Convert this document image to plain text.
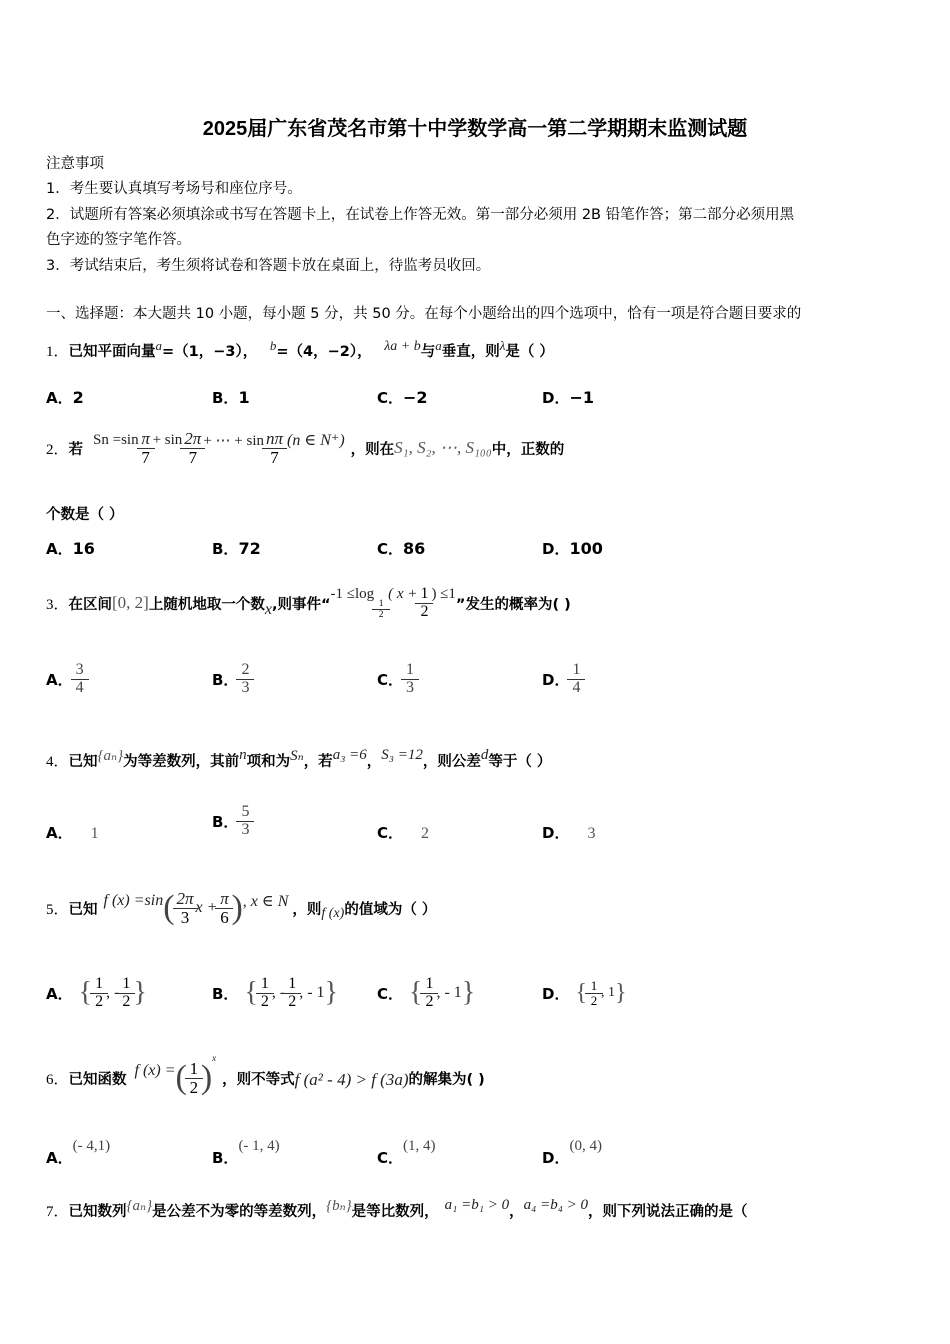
2025届广东省茂名市第十中学数学高一第二学期期末监测试题
注意事项
1．考生要认真填写考场号和座位序号。
2．试题所有答案必须填涂或书写在答题卡上，在试卷上作答无效。第一部分必须用 2B 铅笔作答；第二部分必须用黑
色字迹的签字笔作答。
3．考试结束后，考生须将试卷和答题卡放在桌面上，待监考员收回。
一、选择题：本大题共 10 小题，每小题 5 分，共 50 分。在每个小题给出的四个选项中，恰有一项是符合题目要求的
1．已知平面向量$^a$=（1，−3）， $^b$=（4，−2）， $^{\lambda a + b}$与$^a$垂直，则$^\lambda$是（ ）
A．2	B．1	C．−2	D．−1
2． 若
$Sn =\sin \frac{\pi}{7} + \sin \frac{2\pi}{7}$ + ⋯ + $\sin \frac{n\pi}{7} (n$ ∈ N⁺)
，则在 S₁, S₂, ⋯, S₁₀₀ 中，正数的
个数是（ ）
A．16	B．72	C．86	D．100
3． 在区间 [0, 2] 上随机地取一个数 x ,则事件“
-1 ≤log
$\frac{1}{2}$
( $x + \frac{1}{2}$ ) ≤1
”发生的概率为( )
A． $\frac{3}{4}$	B． $\frac{2}{3}$	C． $\frac{1}{3}$	D． $\frac{1}{4}$
4． 已知 {aₙ} 为等差数列，其前 n 项和为 Sₙ ，若 a₃ =6 ， S₃ =12 ，则公差 d 等于（ ）
A． 1
B． $\frac{5}{3}$	C． 2	D． 3
5． 已知
f (x) =sin ( $\frac{2\pi}{3}$ $x + \frac{\pi}{6}$ ) , x ∈ N ，则 f (x) 的值域为（ ）
A． { $\frac{1}{2}$ , - $\frac{1}{2}$ }	B． { $\frac{1}{2}$ , - $\frac{1}{2}$ , - 1 }	C． { $\frac{1}{2}$ , - 1 }	D． { $\frac{1}{2}$ , 1 }
6． 已知函数
f (x) = ( $\frac{1}{2}$ )
x
，则不等式 f (a² - 4) > f (3a) 的解集为( )
A．(- 4,1)
B．(- 1, 4)
C．(1, 4)
D．(0, 4)
7． 已知数列 {aₙ} 是公差不为零的等差数列， {bₙ} 是等比数列， a₁ =b₁ > 0 ， a₄ =b₄ > 0 ，则下列说法正确的是（
